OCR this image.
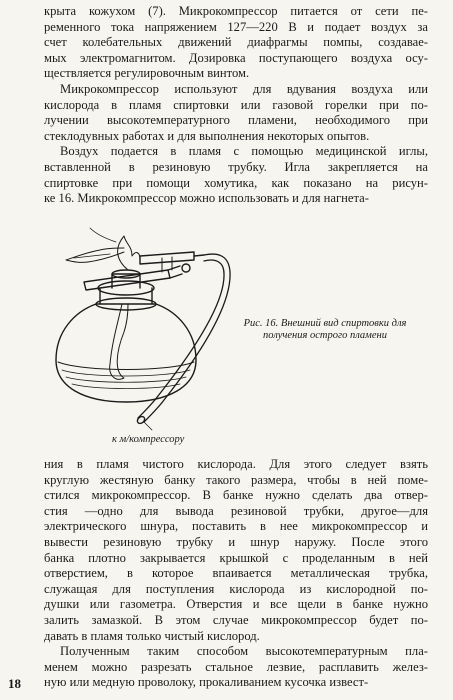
крыта кожухом (7). Микрокомпрессор питается от сети пе-
ременного тока напряжением 127—220 В и подает воздух за
счет колебательных движений диафрагмы помпы, создавае-
мых электромагнитом. Дозировка поступающего воздуха осу-
ществляется регулировочным винтом.

Микрокомпрессор используют для вдувания воздуха или
кислорода в пламя спиртовки или газовой горелки при по-
лучении высокотемпературного пламени, необходимого при
стеклодувных работах и для выполнения некоторых опытов.

Воздух подается в пламя с помощью медицинской иглы,
вставленной в резиновую трубку. Игла закрепляется на
спиртовке при помощи хомутика, как показано на рисун-
ке 16. Микрокомпрессор можно использовать и для нагнета-

Рис. 16. Внешний вид спиртовки для получения острого пламени
к м/компрессору

ния в пламя чистого кислорода. Для этого следует взять
круглую жестяную банку такого размера, чтобы в ней поме-
стился микрокомпрессор. В банке нужно сделать два отвер-
стия —одно для вывода резиновой трубки, другое—для
электрического шнура, поставить в нее микрокомпрессор и
вывести резиновую трубку и шнур наружу. После этого
банка плотно закрывается крышкой с проделанным в ней
отверстием, в которое впаивается металлическая трубка,
служащая для поступления кислорода из кислородной по-
душки или газометра. Отверстия и все щели в банке нужно
залить замазкой. В этом случае микрокомпрессор будет по-
давать в пламя только чистый кислород.

Полученным таким способом высокотемпературным пла-
менем можно разрезать стальное лезвие, расплавить желез-
ную или медную проволоку, прокаливанием кусочка извест-

18
